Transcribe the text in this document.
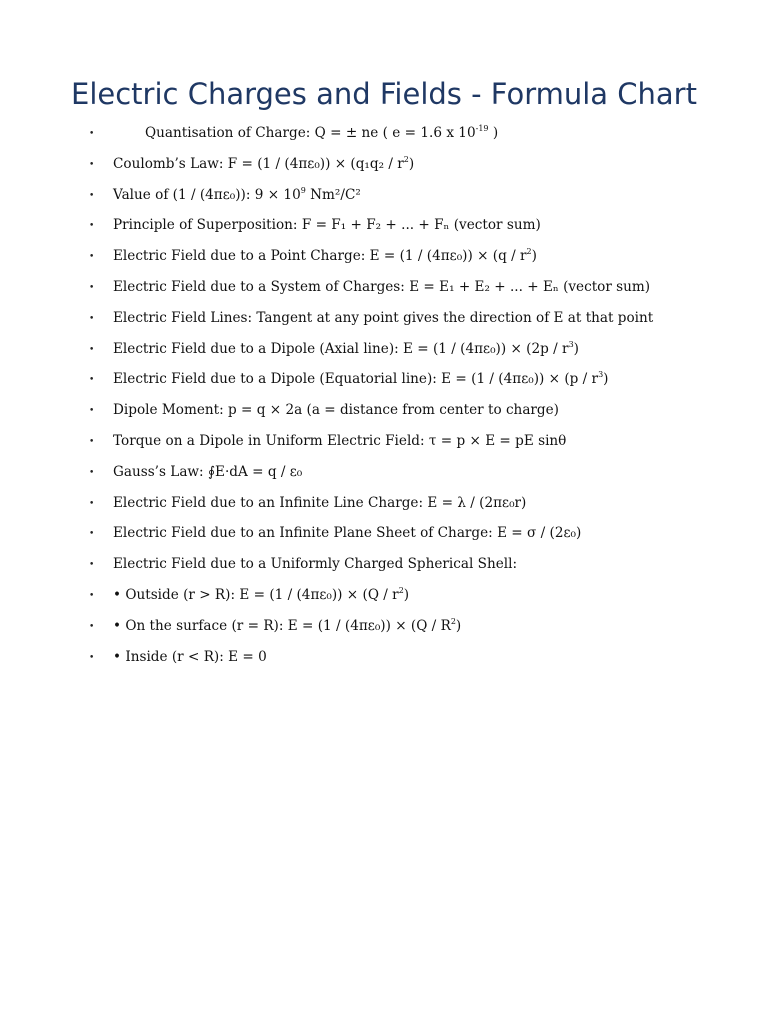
Electric Charges and Fields - Formula Chart
•	Quantisation of Charge: Q = ± ne ( e = 1.6 x $10^{-19}$ )
• Coulomb’s Law: $F = (1 / (4\pi\varepsilon_0)) \times (q_1q_2 / r^2)$
• Value of (1 / (4πε₀)): $9 \times 10^9$ Nm²/C²
• Principle of Superposition: F = F₁ + F₂ + ... + Fₙ (vector sum)
• Electric Field due to a Point Charge: $E = (1 / (4\pi\varepsilon_0)) \times (q / r^2)$
• Electric Field due to a System of Charges: E = E₁ + E₂ + ... + Eₙ (vector sum)
• Electric Field Lines: Tangent at any point gives the direction of E at that point
• Electric Field due to a Dipole (Axial line): $E = (1 / (4\pi\varepsilon_0)) \times (2p / r^3)$
• Electric Field due to a Dipole (Equatorial line): $E = (1 / (4\pi\varepsilon_0)) \times (p / r^3)$
• Dipole Moment: p = q × 2a (a = distance from center to charge)
• Torque on a Dipole in Uniform Electric Field: τ = p × E = pE sinθ
• Gauss’s Law: ∮E·dA = q / ε₀
• Electric Field due to an Infinite Line Charge: E = λ / (2πε₀r)
• Electric Field due to an Infinite Plane Sheet of Charge: E = σ / (2ε₀)
• Electric Field due to a Uniformly Charged Spherical Shell:
• • Outside (r > R): $E = (1 / (4\pi\varepsilon_0)) \times (Q / r^2)$
• • On the surface (r = R): $E = (1 / (4\pi\varepsilon_0)) \times (Q / R^2)$
• • Inside (r < R): E = 0
